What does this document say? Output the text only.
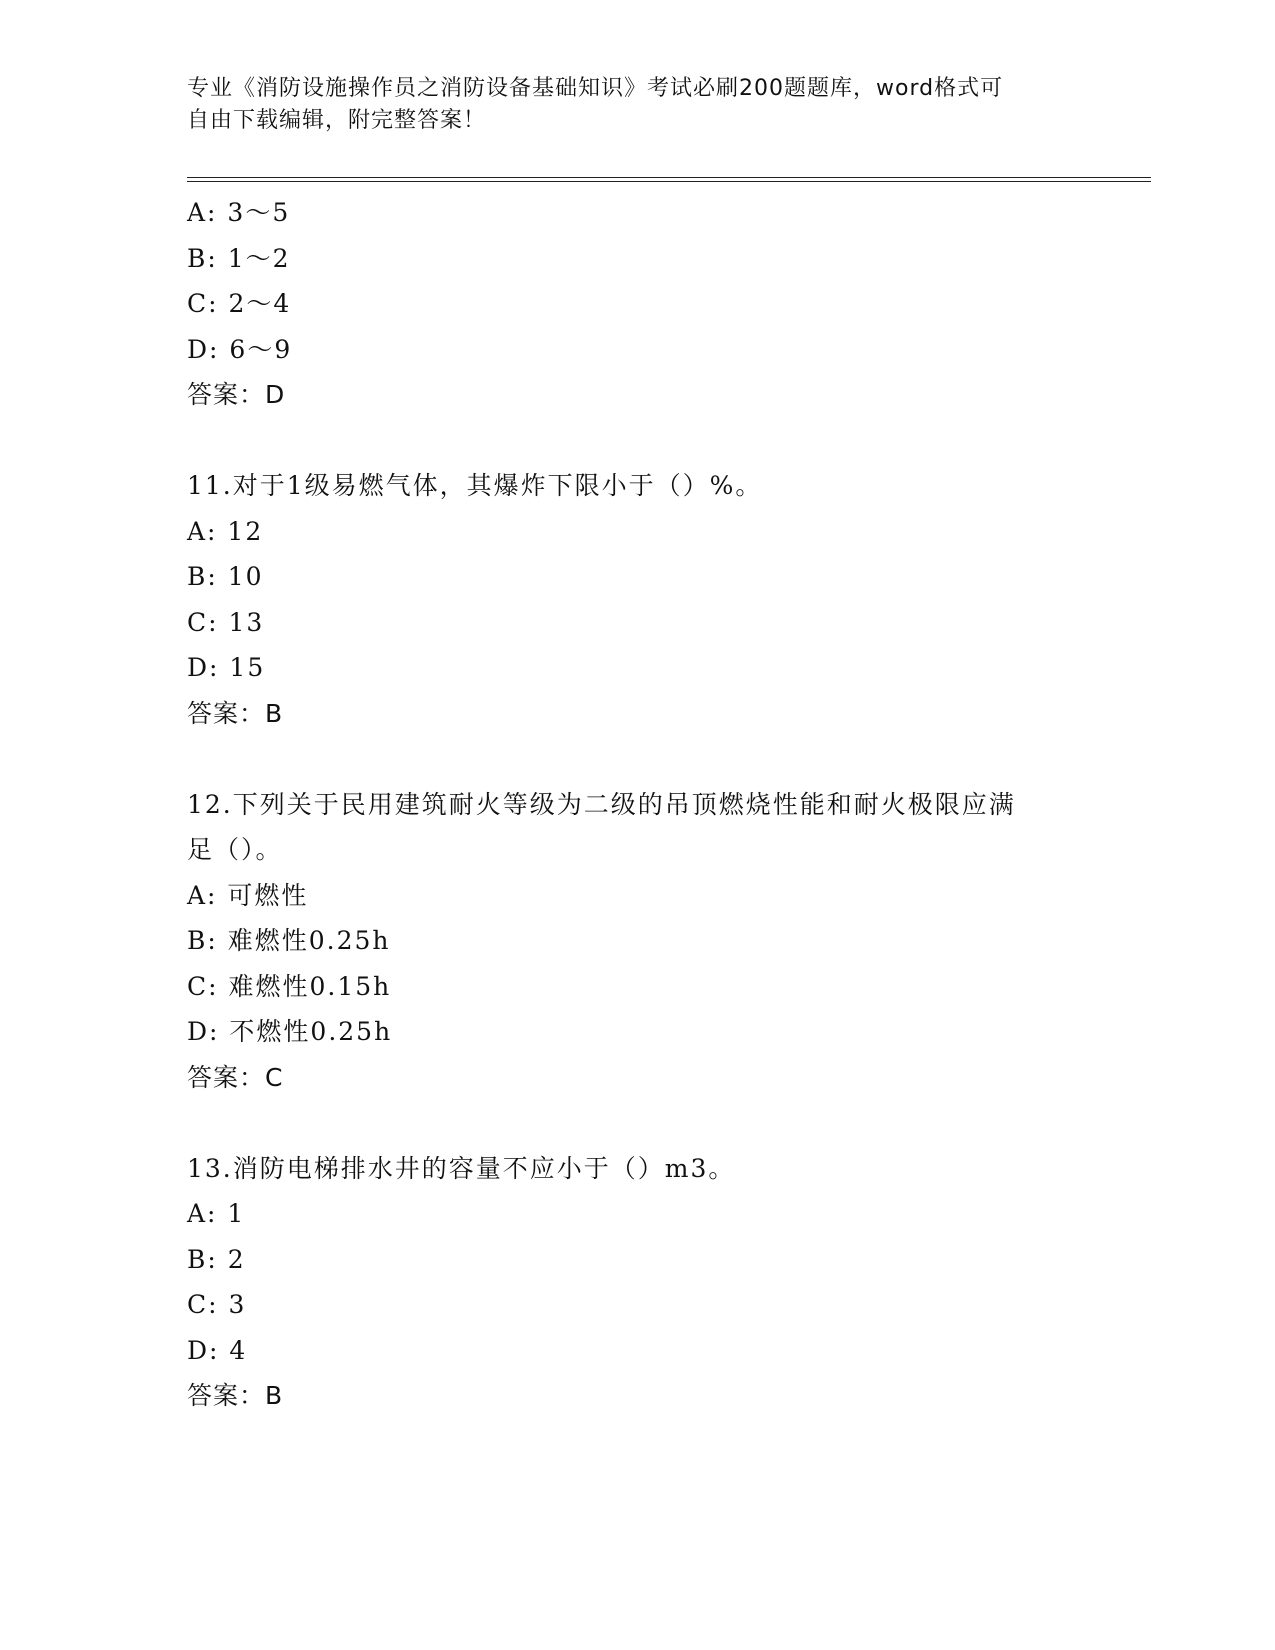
专业《消防设施操作员之消防设备基础知识》考试必刷200题题库，word格式可
自由下载编辑，附完整答案！
A: 3～5
B: 1～2
C: 2～4
D: 6～9
答案：D
11.对于1级易燃气体，其爆炸下限小于（）%。
A: 12
B: 10
C: 13
D: 15
答案：B
12.下列关于民用建筑耐火等级为二级的吊顶燃烧性能和耐火极限应满
足（）。
A: 可燃性
B: 难燃性0.25h
C: 难燃性0.15h
D: 不燃性0.25h
答案：C
13.消防电梯排水井的容量不应小于（）m3。
A: 1
B: 2
C: 3
D: 4
答案：B
